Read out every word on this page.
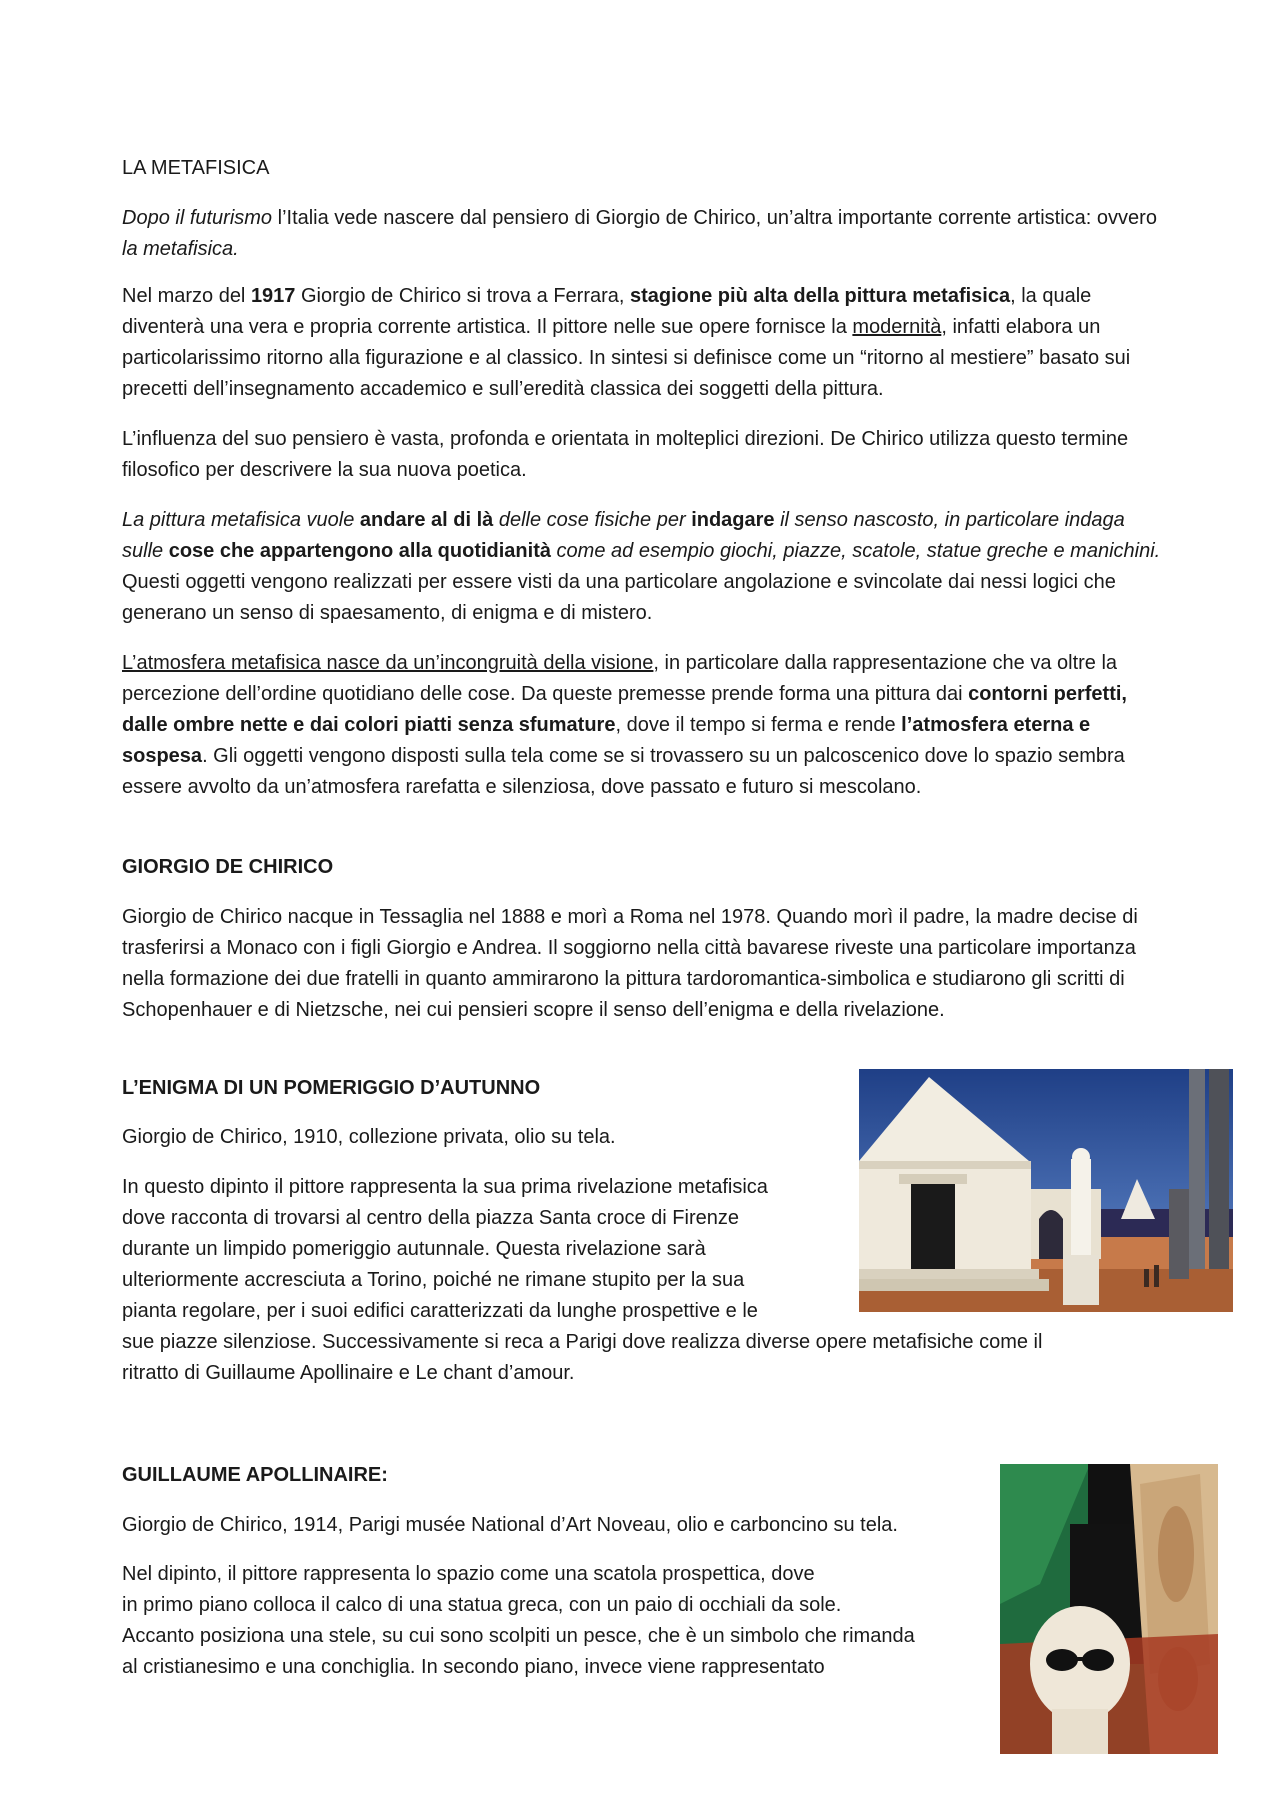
LA METAFISICA

Dopo il futurismo l’Italia vede nascere dal pensiero di Giorgio de Chirico, un’altra importante corrente artistica: ovvero la metafisica.

Nel marzo del 1917 Giorgio de Chirico si trova a Ferrara, stagione più alta della pittura metafisica, la quale diventerà una vera e propria corrente artistica. Il pittore nelle sue opere fornisce la modernità, infatti elabora un particolarissimo ritorno alla figurazione e al classico. In sintesi si definisce come un “ritorno al mestiere” basato sui precetti dell’insegnamento accademico e sull’eredità classica dei soggetti della pittura.

L’influenza del suo pensiero è vasta, profonda e orientata in molteplici direzioni. De Chirico utilizza questo termine filosofico per descrivere la sua nuova poetica.

La pittura metafisica vuole andare al di là delle cose fisiche per indagare il senso nascosto, in particolare indaga sulle cose che appartengono alla quotidianità come ad esempio giochi, piazze, scatole, statue greche e manichini. Questi oggetti vengono realizzati per essere visti da una particolare angolazione e svincolate dai nessi logici che generano un senso di spaesamento, di enigma e di mistero.

L’atmosfera metafisica nasce da un’incongruità della visione, in particolare dalla rappresentazione che va oltre la percezione dell’ordine quotidiano delle cose. Da queste premesse prende forma una pittura dai contorni perfetti, dalle ombre nette e dai colori piatti senza sfumature, dove il tempo si ferma e rende l’atmosfera eterna e sospesa. Gli oggetti vengono disposti sulla tela come se si trovassero su un palcoscenico dove lo spazio sembra essere avvolto da un’atmosfera rarefatta e silenziosa, dove passato e futuro si mescolano.

GIORGIO DE CHIRICO

Giorgio de Chirico nacque in Tessaglia nel 1888 e morì a Roma nel 1978. Quando morì il padre, la madre decise di trasferirsi a Monaco con i figli Giorgio e Andrea. Il soggiorno nella città bavarese riveste una particolare importanza nella formazione dei due fratelli in quanto ammirarono la pittura tardoromantica-simbolica e studiarono gli scritti di Schopenhauer e di Nietzsche, nei cui pensieri scopre il senso dell’enigma e della rivelazione.

L’ENIGMA DI UN POMERIGGIO D’AUTUNNO

Giorgio de Chirico, 1910, collezione privata, olio su tela.

In questo dipinto il pittore rappresenta la sua prima rivelazione metafisica
dove racconta di trovarsi al centro della piazza Santa croce di Firenze
durante un limpido pomeriggio autunnale. Questa rivelazione sarà
ulteriormente accresciuta a Torino, poiché ne rimane stupito per la sua
pianta regolare, per i suoi edifici caratterizzati da lunghe prospettive e le
sue piazze silenziose. Successivamente si reca a Parigi dove realizza diverse opere metafisiche come il
ritratto di Guillaume Apollinaire e Le chant d’amour.

GUILLAUME APOLLINAIRE:

Giorgio de Chirico, 1914, Parigi musée National d’Art Noveau, olio e carboncino su tela.

Nel dipinto, il pittore rappresenta lo spazio come una scatola prospettica, dove
in primo piano colloca il calco di una statua greca, con un paio di occhiali da sole.
Accanto posiziona una stele, su cui sono scolpiti un pesce, che è un simbolo che rimanda
al cristianesimo e una conchiglia. In secondo piano, invece viene rappresentato
